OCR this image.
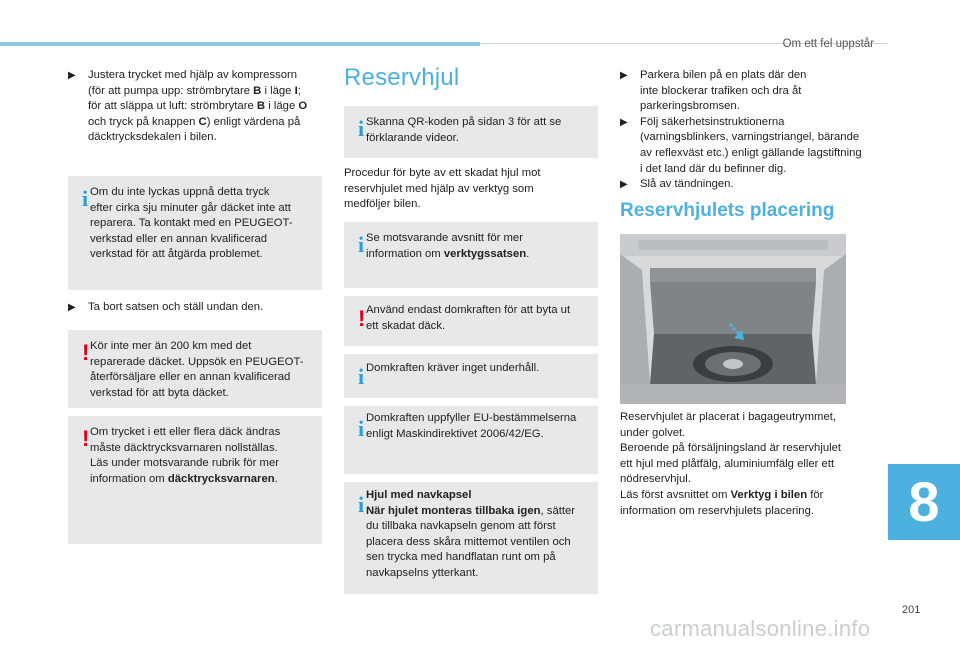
Om ett fel uppstår

▶ Justera trycket med hjälp av kompressorn
(för att pumpa upp: strömbrytare B i läge I;
för att släppa ut luft: strömbrytare B i läge O
och tryck på knappen C) enligt värdena på
däcktrycksdekalen i bilen.

i Om du inte lyckas uppnå detta tryck
efter cirka sju minuter går däcket inte att
reparera. Ta kontakt med en PEUGEOT-
verkstad eller en annan kvalificerad
verkstad för att åtgärda problemet.

▶ Ta bort satsen och ställ undan den.

! Kör inte mer än 200 km med det
reparerade däcket. Uppsök en PEUGEOT-
återförsäljare eller en annan kvalificerad
verkstad för att byta däcket.
! Om trycket i ett eller flera däck ändras
måste däcktrycksvarnaren nollställas.
Läs under motsvarande rubrik för mer
information om däcktrycksvarnaren.
Reservhjul
i Skanna QR-koden på sidan 3 för att se
förklarande videor.
Procedur för byte av ett skadat hjul mot
reservhjulet med hjälp av verktyg som
medföljer bilen.
i Se motsvarande avsnitt för mer
information om verktygssatsen.
! Använd endast domkraften för att byta ut
ett skadat däck.
i Domkraften kräver inget underhåll.
i Domkraften uppfyller EU-bestämmelserna
enligt Maskindirektivet 2006/42/EG.
i Hjul med navkapsel
När hjulet monteras tillbaka igen, sätter
du tillbaka navkapseln genom att först
placera dess skåra mittemot ventilen och
sen trycka med handflatan runt om på
navkapselns ytterkant.

▶ Parkera bilen på en plats där den
inte blockerar trafiken och dra åt
parkeringsbromsen.

▶ Följ säkerhetsinstruktionerna
(varningsblinkers, varningstriangel, bärande
av reflexväst etc.) enligt gällande lagstiftning
i det land där du befinner dig.

▶ Slå av tändningen.

Reservhjulets placering
Reservhjulet är placerat i bagageutrymmet,
under golvet.
Beroende på försäljningsland är reservhjulet
ett hjul med plåtfälg, aluminiumfälg eller ett
nödreservhjul.
Läs först avsnittet om Verktyg i bilen för
information om reservhjulets placering.	8
201
carmanualsonline.info
